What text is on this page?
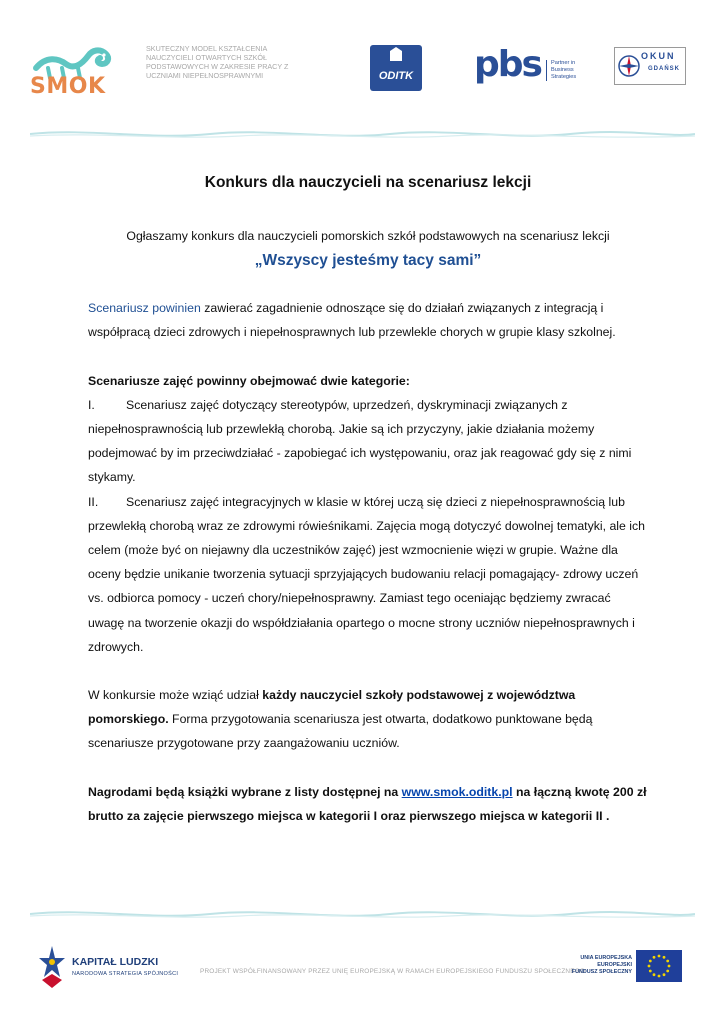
SMOK
SKUTECZNY MODEL KSZTAŁCENIA NAUCZYCIELI OTWARTYCH SZKÓŁ PODSTAWOWYCH W ZAKRESIE PRACY Z UCZNIAMI NIEPEŁNOSPRAWNYMI	ODITK pbs Partner in
Business
Strategies
OKUN
GDAŃSK
Konkurs dla nauczycieli na scenariusz lekcji
Ogłaszamy konkurs dla nauczycieli pomorskich szkół podstawowych na scenariusz lekcji
„Wszyscy jesteśmy tacy sami”
Scenariusz powinien zawierać zagadnienie odnoszące się do działań związanych z integracją i współpracą dzieci zdrowych i niepełnosprawnych lub przewlekle chorych w grupie klasy szkolnej.
Scenariusze zajęć powinny obejmować dwie kategorie:
I.	Scenariusz zajęć dotyczący stereotypów, uprzedzeń, dyskryminacji związanych z niepełnosprawnością lub przewlekłą chorobą. Jakie są ich przyczyny, jakie działania możemy podejmować by im przeciwdziałać - zapobiegać ich występowaniu, oraz jak reagować gdy się z nimi stykamy.
II. Scenariusz zajęć integracyjnych w klasie w której uczą się dzieci z niepełnosprawnością lub przewlekłą chorobą wraz ze zdrowymi rówieśnikami. Zajęcia mogą dotyczyć dowolnej tematyki, ale ich celem (może być on niejawny dla uczestników zajęć) jest wzmocnienie więzi w grupie. Ważne dla oceny będzie unikanie tworzenia sytuacji sprzyjających budowaniu relacji pomagający- zdrowy uczeń vs. odbiorca pomocy - uczeń chory/niepełnosprawny. Zamiast tego oceniając będziemy zwracać uwagę na tworzenie okazji do współdziałania opartego o mocne strony uczniów niepełnosprawnych i zdrowych.
W konkursie może wziąć udział każdy nauczyciel szkoły podstawowej z województwa pomorskiego. Forma przygotowania scenariusza jest otwarta, dodatkowo punktowane będą scenariusze przygotowane przy zaangażowaniu uczniów.
Nagrodami będą książki wybrane z listy dostępnej na www.smok.oditk.pl na łączną kwotę 200 zł brutto za zajęcie pierwszego miejsca w kategorii I oraz pierwszego miejsca w kategorii II .
KAPITAŁ LUDZKI
NARODOWA STRATEGIA SPÓJNOŚCI	PROJEKT WSPÓŁFINANSOWANY PRZEZ UNIĘ EUROPEJSKĄ W RAMACH EUROPEJSKIEGO FUNDUSZU SPOŁECZNEGO
UNIA EUROPEJSKA
EUROPEJSKI
FUNDUSZ SPOŁECZNY
